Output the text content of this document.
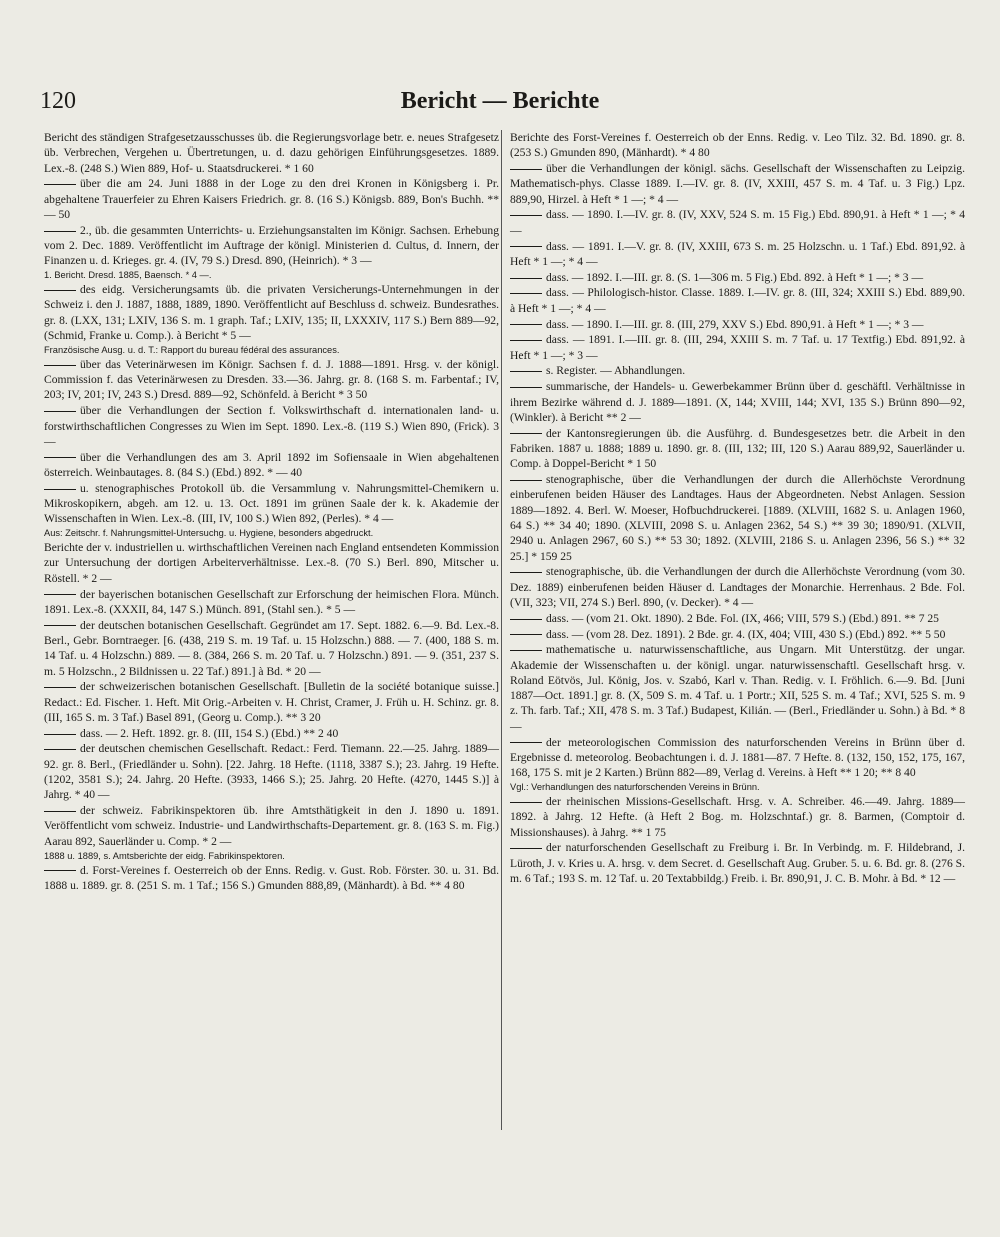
120	Bericht — Berichte

Bericht des ständigen Strafgesetzausschusses üb. die Regierungsvorlage betr. e. neues Strafgesetz üb. Verbrechen, Vergehen u. Übertretungen, u. d. dazu gehörigen Einführungsgesetzes. 1889. Lex.-8. (248 S.) Wien 889, Hof- u. Staatsdruckerei. * 1 60

über die am 24. Juni 1888 in der Loge zu den drei Kronen in Königsberg i. Pr. abgehaltene Trauerfeier zu Ehren Kaisers Friedrich. gr. 8. (16 S.) Königsb. 889, Bon's Buchh. ** — 50

2., üb. die gesammten Unterrichts- u. Erziehungsanstalten im Königr. Sachsen. Erhebung vom 2. Dec. 1889. Veröffentlicht im Auftrage der königl. Ministerien d. Cultus, d. Innern, der Finanzen u. d. Krieges. gr. 4. (IV, 79 S.) Dresd. 890, (Heinrich). * 3 —

1. Bericht. Dresd. 1885, Baensch. * 4 —.

des eidg. Versicherungsamts üb. die privaten Versicherungs-Unternehmungen in der Schweiz i. den J. 1887, 1888, 1889, 1890. Veröffentlicht auf Beschluss d. schweiz. Bundesrathes. gr. 8. (LXX, 131; LXIV, 136 S. m. 1 graph. Taf.; LXIV, 135; II, LXXXIV, 117 S.) Bern 889—92, (Schmid, Franke u. Comp.). à Bericht * 5 —

Französische Ausg. u. d. T.: Rapport du bureau fédéral des assurances.

über das Veterinärwesen im Königr. Sachsen f. d. J. 1888—1891. Hrsg. v. der königl. Commission f. das Veterinärwesen zu Dresden. 33.—36. Jahrg. gr. 8. (168 S. m. Farbentaf.; IV, 203; IV, 201; IV, 243 S.) Dresd. 889—92, Schönfeld. à Bericht * 3 50

über die Verhandlungen der Section f. Volkswirthschaft d. internationalen land- u. forstwirthschaftlichen Congresses zu Wien im Sept. 1890. Lex.-8. (119 S.) Wien 890, (Frick). 3 —

über die Verhandlungen des am 3. April 1892 im Sofiensaale in Wien abgehaltenen österreich. Weinbautages. 8. (84 S.) (Ebd.) 892. * — 40

u. stenographisches Protokoll üb. die Versammlung v. Nahrungsmittel-Chemikern u. Mikroskopikern, abgeh. am 12. u. 13. Oct. 1891 im grünen Saale der k. k. Akademie der Wissenschaften in Wien. Lex.-8. (III, IV, 100 S.) Wien 892, (Perles). * 4 —

Aus: Zeitschr. f. Nahrungsmittel-Untersuchg. u. Hygiene, besonders abgedruckt.

Berichte der v. industriellen u. wirthschaftlichen Vereinen nach England entsendeten Kommission zur Untersuchung der dortigen Arbeiterverhältnisse. Lex.-8. (70 S.) Berl. 890, Mitscher u. Röstell. * 2 —

der bayerischen botanischen Gesellschaft zur Erforschung der heimischen Flora. Münch. 1891. Lex.-8. (XXXII, 84, 147 S.) Münch. 891, (Stahl sen.). * 5 —

der deutschen botanischen Gesellschaft. Gegründet am 17. Sept. 1882. 6.—9. Bd. Lex.-8. Berl., Gebr. Borntraeger. [6. (438, 219 S. m. 19 Taf. u. 15 Holzschn.) 888. — 7. (400, 188 S. m. 14 Taf. u. 4 Holzschn.) 889. — 8. (384, 266 S. m. 20 Taf. u. 7 Holzschn.) 891. — 9. (351, 237 S. m. 5 Holzschn., 2 Bildnissen u. 22 Taf.) 891.] à Bd. * 20 —

der schweizerischen botanischen Gesellschaft. [Bulletin de la société botanique suisse.] Redact.: Ed. Fischer. 1. Heft. Mit Orig.-Arbeiten v. H. Christ, Cramer, J. Früh u. H. Schinz. gr. 8. (III, 165 S. m. 3 Taf.) Basel 891, (Georg u. Comp.). ** 3 20

dass. — 2. Heft. 1892. gr. 8. (III, 154 S.) (Ebd.) ** 2 40

der deutschen chemischen Gesellschaft. Redact.: Ferd. Tiemann. 22.—25. Jahrg. 1889—92. gr. 8. Berl., (Friedländer u. Sohn). [22. Jahrg. 18 Hefte. (1118, 3387 S.); 23. Jahrg. 19 Hefte. (1202, 3581 S.); 24. Jahrg. 20 Hefte. (3933, 1466 S.); 25. Jahrg. 20 Hefte. (4270, 1445 S.)] à Jahrg. * 40 —

der schweiz. Fabrikinspektoren üb. ihre Amtsthätigkeit in den J. 1890 u. 1891. Veröffentlicht vom schweiz. Industrie- und Landwirthschafts-Departement. gr. 8. (163 S. m. Fig.) Aarau 892, Sauerländer u. Comp. * 2 —

1888 u. 1889, s. Amtsberichte der eidg. Fabrikinspektoren.

d. Forst-Vereines f. Oesterreich ob der Enns. Redig. v. Gust. Rob. Förster. 30. u. 31. Bd. 1888 u. 1889. gr. 8. (251 S. m. 1 Taf.; 156 S.) Gmunden 888,89, (Mänhardt). à Bd. ** 4 80

Berichte des Forst-Vereines f. Oesterreich ob der Enns. Redig. v. Leo Tilz. 32. Bd. 1890. gr. 8. (253 S.) Gmunden 890, (Mänhardt). * 4 80

über die Verhandlungen der königl. sächs. Gesellschaft der Wissenschaften zu Leipzig. Mathematisch-phys. Classe 1889. I.—IV. gr. 8. (IV, XXIII, 457 S. m. 4 Taf. u. 3 Fig.) Lpz. 889,90, Hirzel. à Heft * 1 —; * 4 —

dass. — 1890. I.—IV. gr. 8. (IV, XXV, 524 S. m. 15 Fig.) Ebd. 890,91. à Heft * 1 —; * 4 —

dass. — 1891. I.—V. gr. 8. (IV, XXIII, 673 S. m. 25 Holzschn. u. 1 Taf.) Ebd. 891,92. à Heft * 1 —; * 4 —

dass. — 1892. I.—III. gr. 8. (S. 1—306 m. 5 Fig.) Ebd. 892. à Heft * 1 —; * 3 —

dass. — Philologisch-histor. Classe. 1889. I.—IV. gr. 8. (III, 324; XXIII S.) Ebd. 889,90. à Heft * 1 —; * 4 —

dass. — 1890. I.—III. gr. 8. (III, 279, XXV S.) Ebd. 890,91. à Heft * 1 —; * 3 —

dass. — 1891. I.—III. gr. 8. (III, 294, XXIII S. m. 7 Taf. u. 17 Textfig.) Ebd. 891,92. à Heft * 1 —; * 3 —

s. Register. — Abhandlungen.

summarische, der Handels- u. Gewerbekammer Brünn über d. geschäftl. Verhältnisse in ihrem Bezirke während d. J. 1889—1891. (X, 144; XVIII, 144; XVI, 135 S.) Brünn 890—92, (Winkler). à Bericht ** 2 —

der Kantonsregierungen üb. die Ausführg. d. Bundesgesetzes betr. die Arbeit in den Fabriken. 1887 u. 1888; 1889 u. 1890. gr. 8. (III, 132; III, 120 S.) Aarau 889,92, Sauerländer u. Comp. à Doppel-Bericht * 1 50

stenographische, über die Verhandlungen der durch die Allerhöchste Verordnung einberufenen beiden Häuser des Landtages. Haus der Abgeordneten. Nebst Anlagen. Session 1889—1892. 4. Berl. W. Moeser, Hofbuchdruckerei. [1889. (XLVIII, 1682 S. u. Anlagen 1960, 64 S.) ** 34 40; 1890. (XLVIII, 2098 S. u. Anlagen 2362, 54 S.) ** 39 30; 1890/91. (XLVII, 2940 u. Anlagen 2967, 60 S.) ** 53 30; 1892. (XLVIII, 2186 S. u. Anlagen 2396, 56 S.) ** 32 25.] * 159 25

stenographische, üb. die Verhandlungen der durch die Allerhöchste Verordnung (vom 30. Dez. 1889) einberufenen beiden Häuser d. Landtages der Monarchie. Herrenhaus. 2 Bde. Fol. (VII, 323; VII, 274 S.) Berl. 890, (v. Decker). * 4 —

dass. — (vom 21. Okt. 1890). 2 Bde. Fol. (IX, 466; VIII, 579 S.) (Ebd.) 891. ** 7 25

dass. — (vom 28. Dez. 1891). 2 Bde. gr. 4. (IX, 404; VIII, 430 S.) (Ebd.) 892. ** 5 50

mathematische u. naturwissenschaftliche, aus Ungarn. Mit Unterstützg. der ungar. Akademie der Wissenschaften u. der königl. ungar. naturwissenschaftl. Gesellschaft hrsg. v. Roland Eötvös, Jul. König, Jos. v. Szabó, Karl v. Than. Redig. v. I. Fröhlich. 6.—9. Bd. [Juni 1887—Oct. 1891.] gr. 8. (X, 509 S. m. 4 Taf. u. 1 Portr.; XII, 525 S. m. 4 Taf.; XVI, 525 S. m. 9 z. Th. farb. Taf.; XII, 478 S. m. 3 Taf.) Budapest, Kilián. — (Berl., Friedländer u. Sohn.) à Bd. * 8 —

der meteorologischen Commission des naturforschenden Vereins in Brünn über d. Ergebnisse d. meteorolog. Beobachtungen i. d. J. 1881—87. 7 Hefte. 8. (132, 150, 152, 175, 167, 168, 175 S. mit je 2 Karten.) Brünn 882—89, Verlag d. Vereins. à Heft ** 1 20; ** 8 40

Vgl.: Verhandlungen des naturforschenden Vereins in Brünn.

der rheinischen Missions-Gesellschaft. Hrsg. v. A. Schreiber. 46.—49. Jahrg. 1889—1892. à Jahrg. 12 Hefte. (à Heft 2 Bog. m. Holzschntaf.) gr. 8. Barmen, (Comptoir d. Missionshauses). à Jahrg. ** 1 75

der naturforschenden Gesellschaft zu Freiburg i. Br. In Verbindg. m. F. Hildebrand, J. Lüroth, J. v. Kries u. A. hrsg. v. dem Secret. d. Gesellschaft Aug. Gruber. 5. u. 6. Bd. gr. 8. (276 S. m. 6 Taf.; 193 S. m. 12 Taf. u. 20 Textabbildg.) Freib. i. Br. 890,91, J. C. B. Mohr. à Bd. * 12 —
